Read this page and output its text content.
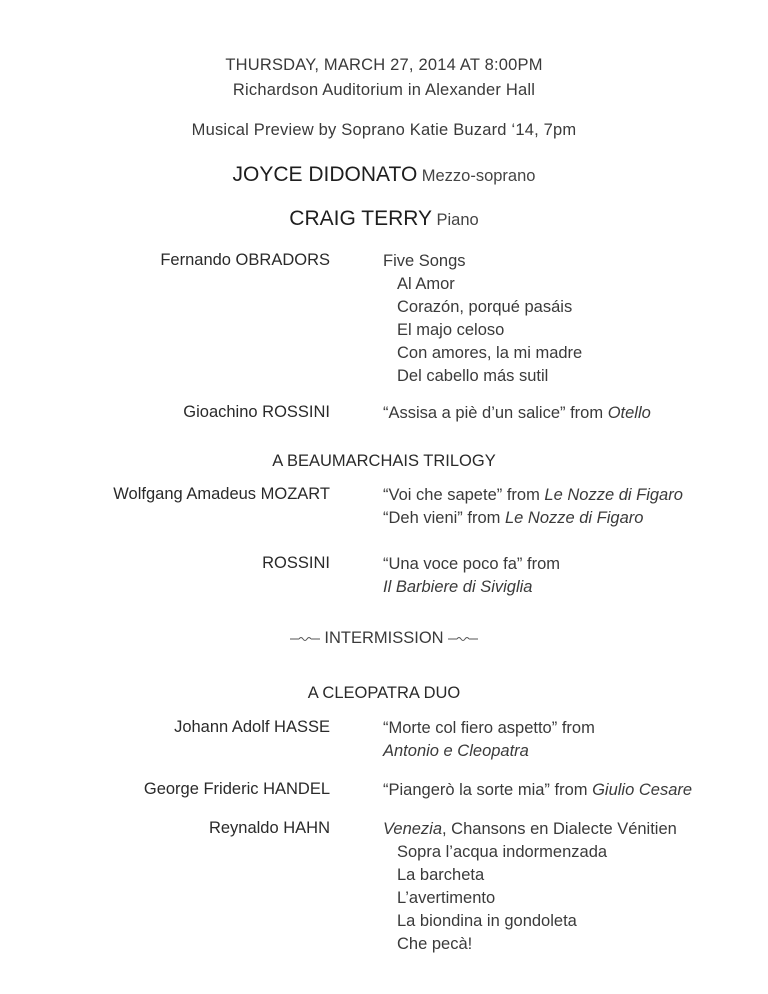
THURSDAY, MARCH 27, 2014 AT 8:00PM
Richardson Auditorium in Alexander Hall
Musical Preview by Soprano Katie Buzard ‘14, 7pm
JOYCE DIDONATO Mezzo-soprano
CRAIG TERRY Piano
Fernando OBRADORS	Five Songs
Al Amor
Corazón, porqué pasáis
El majo celoso
Con amores, la mi madre
Del cabello más sutil
Gioachino ROSSINI	“Assisa a piè d’un salice” from Otello
A BEAUMARCHAIS TRILOGY
Wolfgang Amadeus MOZART	“Voi che sapete” from Le Nozze di Figaro
“Deh vieni” from Le Nozze di Figaro
ROSSINI	“Una voce poco fa” from
Il Barbiere di Siviglia
INTERMISSION
A CLEOPATRA DUO
Johann Adolf HASSE	“Morte col fiero aspetto” from
Antonio e Cleopatra
George Frideric HANDEL	“Piangerò la sorte mia” from Giulio Cesare
Reynaldo HAHN	Venezia, Chansons en Dialecte Vénitien
Sopra l’acqua indormenzada
La barcheta
L’avertimento
La biondina in gondoleta
Che pecà!
